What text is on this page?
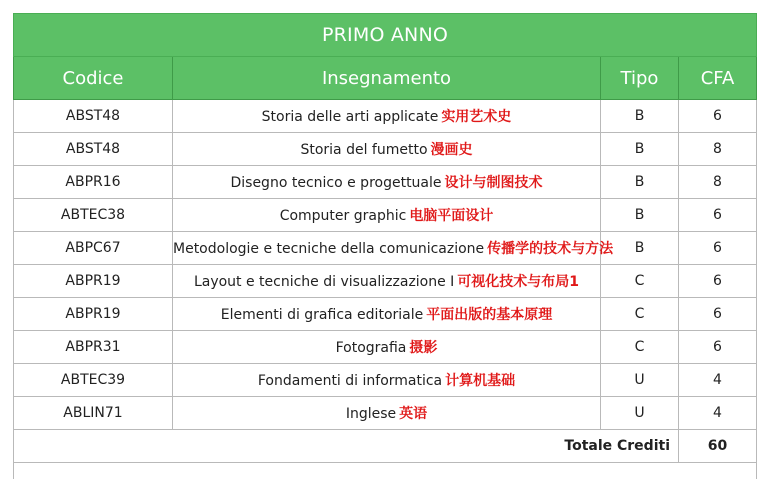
PRIMO ANNO			
Codice	Insegnamento	Tipo	CFA
ABST48	Storia delle arti applicate 实用艺术史	B	6
ABST48	Storia del fumetto 漫画史	B	8
ABPR16	Disegno tecnico e progettuale 设计与制图技术	B	8
ABTEC38	Computer graphic 电脑平面设计	B	6
ABPC67	Metodologie e tecniche della comunicazione 传播学的技术与方法	B	6
ABPR19	Layout e tecniche di visualizzazione I 可视化技术与布局1	C	6
ABPR19	Elementi di grafica editoriale 平面出版的基本原理	C	6
ABPR31	Fotografia 摄影	C	6
ABTEC39	Fondamenti di informatica 计算机基础	U	4
ABLIN71	Inglese 英语	U	4
Totale Crediti			60
